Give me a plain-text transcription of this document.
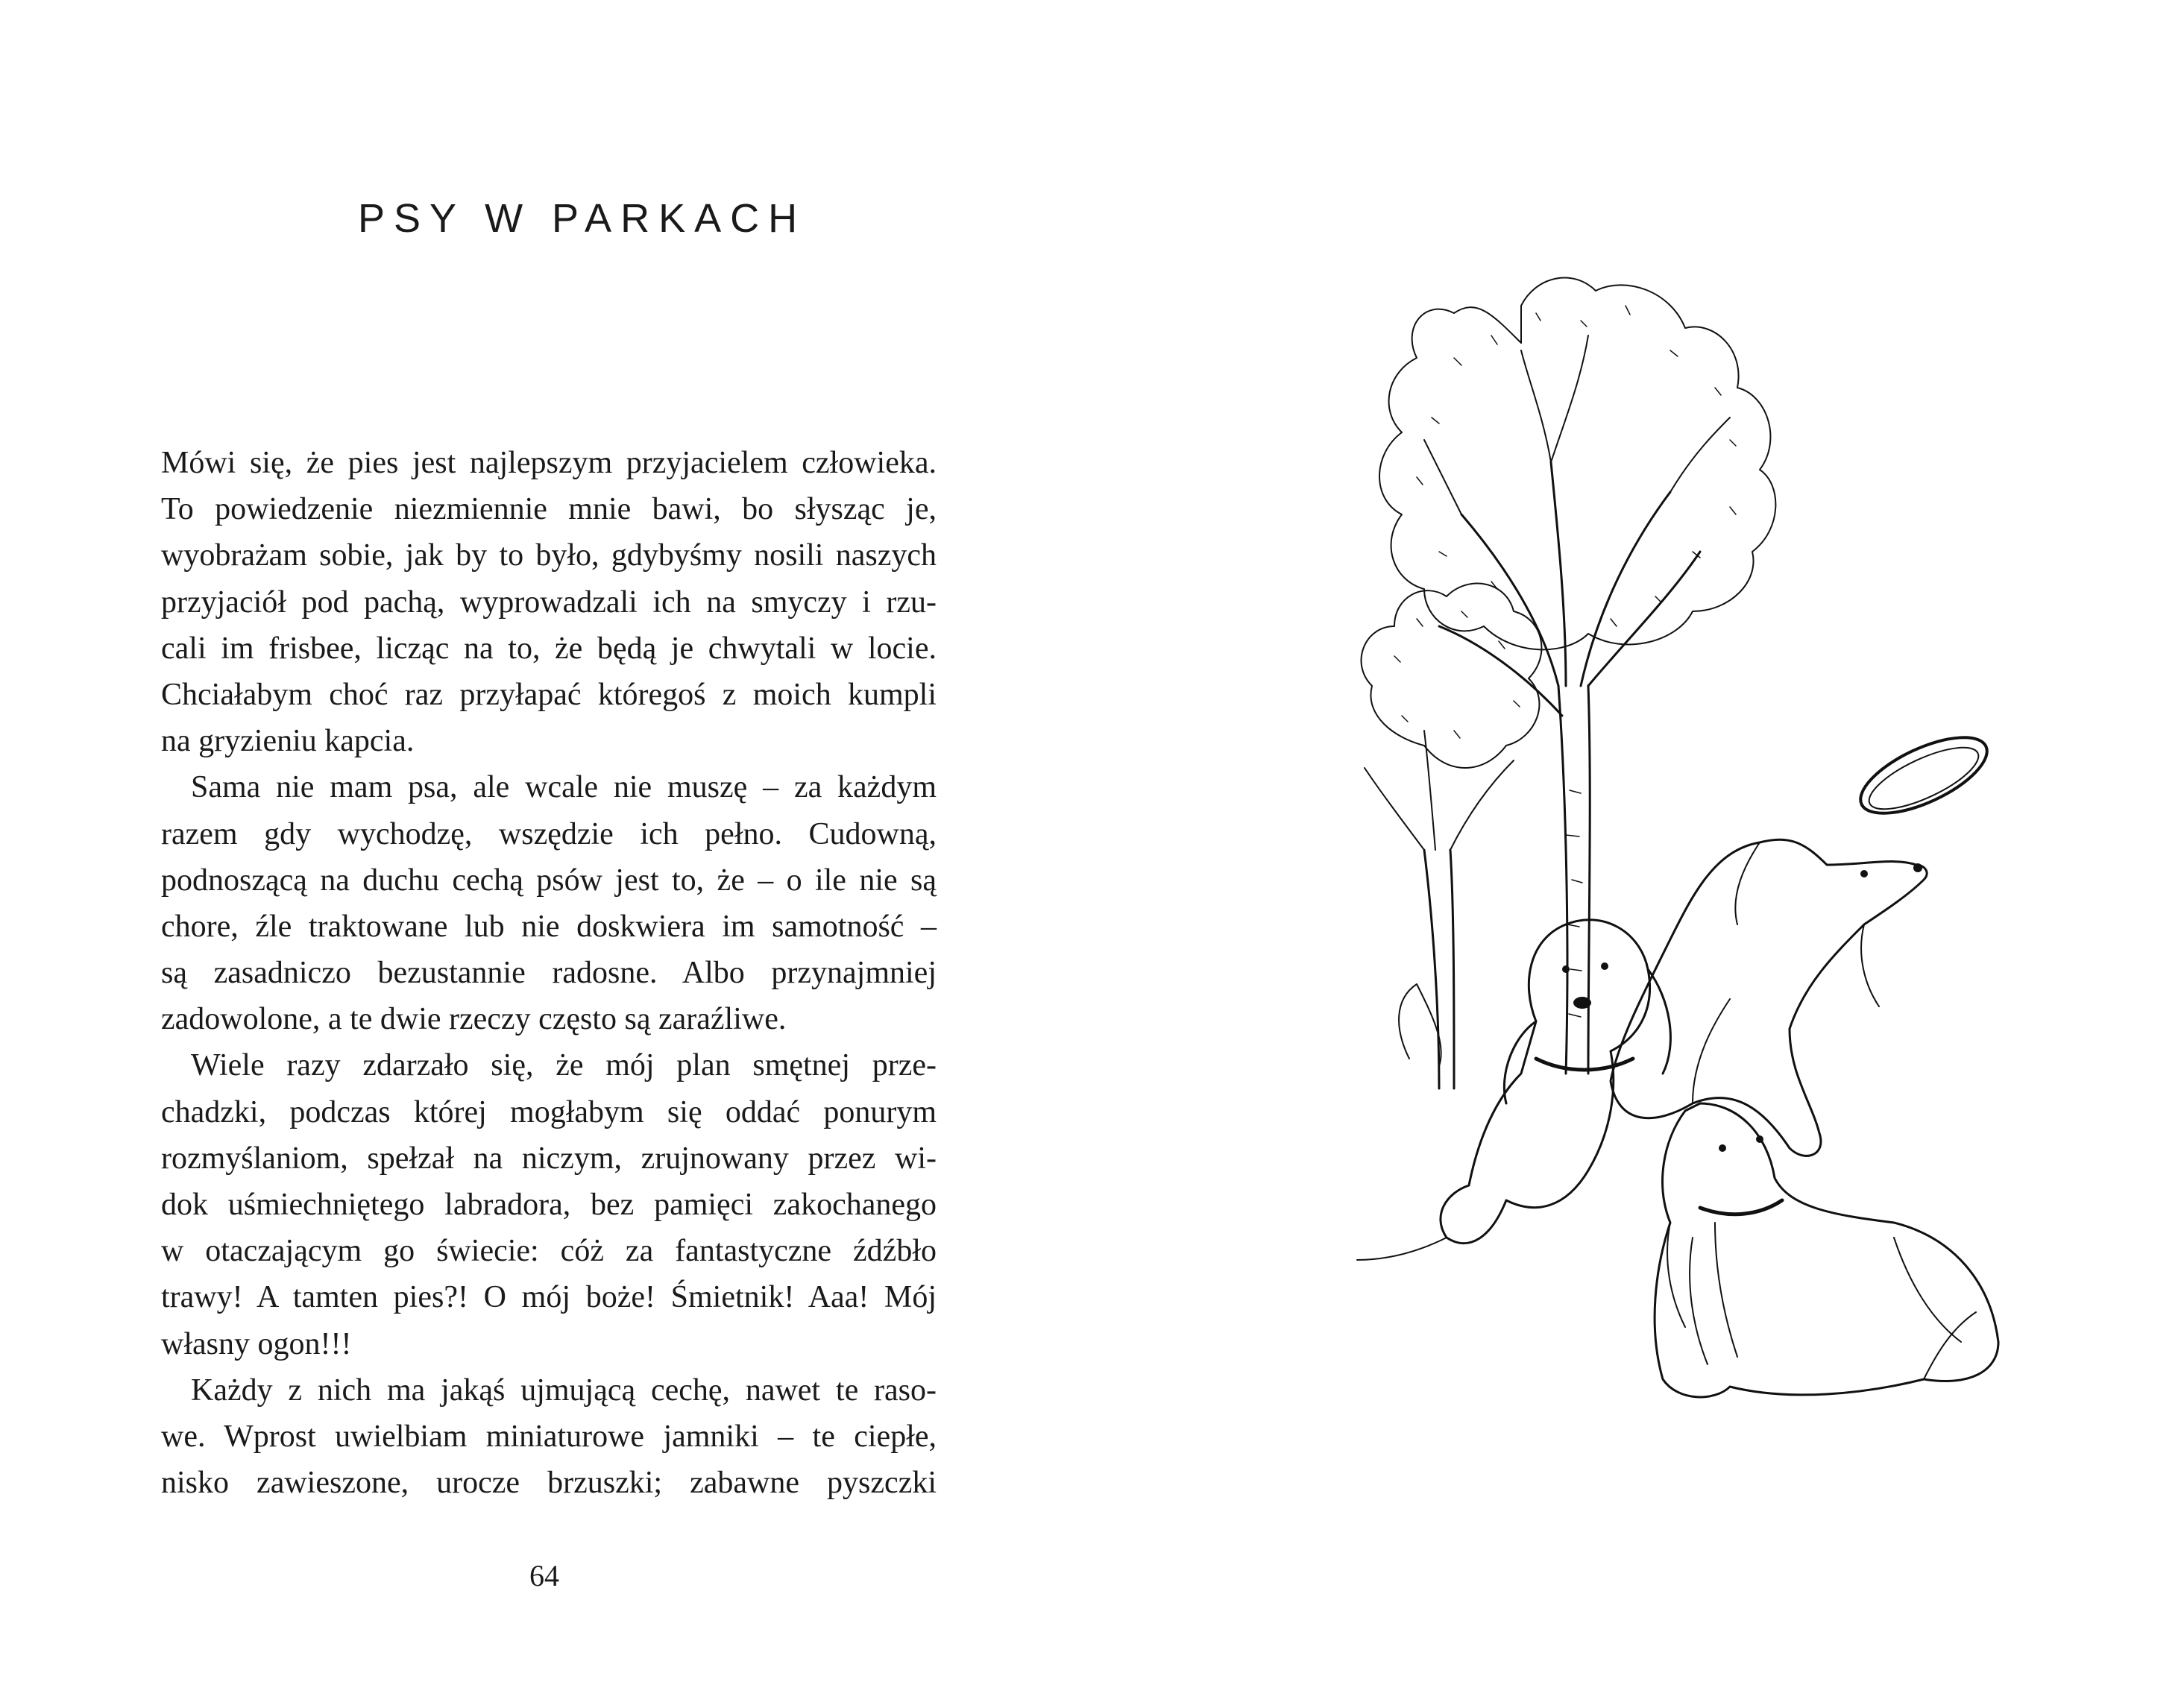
PSY W PARKACH
Mówi się, że pies jest najlepszym przyjacielem człowieka.
To powiedzenie niezmiennie mnie bawi, bo słysząc je,
wyobrażam sobie, jak by to było, gdybyśmy nosili naszych
przyjaciół pod pachą, wyprowadzali ich na smyczy i rzu-
cali im frisbee, licząc na to, że będą je chwytali w locie.
Chciałabym choć raz przyłapać któregoś z moich kumpli
na gryzieniu kapcia.
Sama nie mam psa, ale wcale nie muszę – za każdym
razem gdy wychodzę, wszędzie ich pełno. Cudowną,
podnoszącą na duchu cechą psów jest to, że – o ile nie są
chore, źle traktowane lub nie doskwiera im samotność –
są zasadniczo bezustannie radosne. Albo przynajmniej
zadowolone, a te dwie rzeczy często są zaraźliwe.
Wiele razy zdarzało się, że mój plan smętnej prze-
chadzki, podczas której mogłabym się oddać ponurym
rozmyślaniom, spełzał na niczym, zrujnowany przez wi-
dok uśmiechniętego labradora, bez pamięci zakochanego
w otaczającym go świecie: cóż za fantastyczne źdźbło
trawy! A tamten pies?! O mój boże! Śmietnik! Aaa! Mój
własny ogon!!!
Każdy z nich ma jakąś ujmującą cechę, nawet te raso-
we. Wprost uwielbiam miniaturowe jamniki – te ciepłe,
nisko zawieszone, urocze brzuszki; zabawne pyszczki
64
